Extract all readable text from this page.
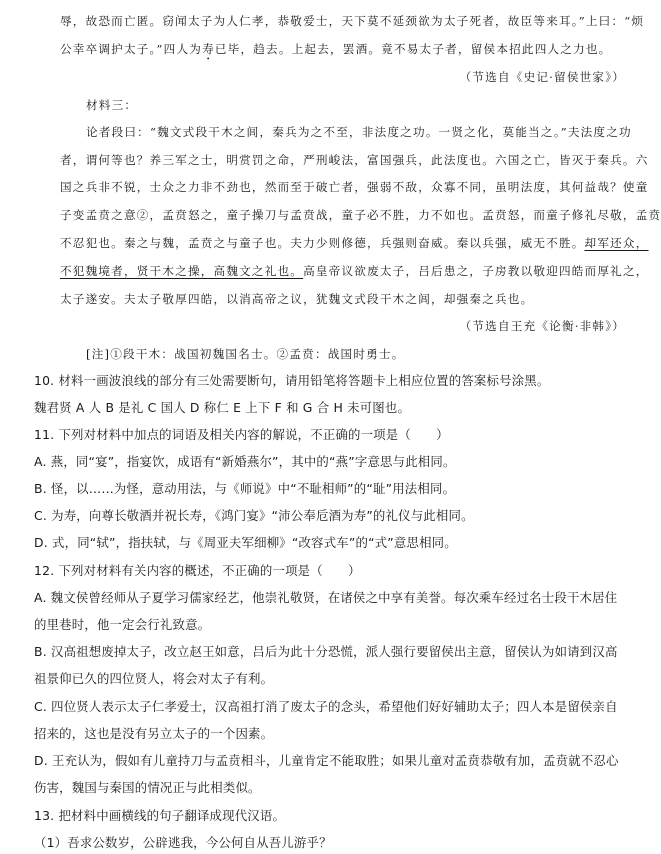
辱，故恐而亡匿。窃闻太子为人仁孝，恭敬爱士，天下莫不延颈欲为太子死者，故臣等来耳。”上曰：“烦
公幸卒调护太子。”四人为寿已毕，趋去。上起去，罢酒。竟不易太子者，留侯本招此四人之力也。
（节选自《史记·留侯世家》）
材料三：
论者段曰：“魏文式段干木之闾，秦兵为之不至，非法度之功。一贤之化，莫能当之。”夫法度之功
者，谓何等也？养三军之士，明赏罚之命，严刑峻法，富国强兵，此法度也。六国之亡，皆灭于秦兵。六
国之兵非不锐，士众之力非不劲也，然而至于破亡者，强弱不敌，众寡不同，虽明法度，其何益哉？使童
子变孟贲之意②，孟贲怒之，童子操刀与孟贲战，童子必不胜，力不如也。孟贲怒，而童子修礼尽敬，孟贲
不忍犯也。秦之与魏，孟贲之与童子也。夫力少则修德，兵强则奋威。秦以兵强，威无不胜。却军还众，
不犯魏境者，贤干木之操，高魏文之礼也。高皇帝议欲废太子，吕后患之，子房教以敬迎四皓而厚礼之，
太子遂安。夫太子敬厚四皓，以消高帝之议，犹魏文式段干木之闾，却强秦之兵也。
（节选自王充《论衡·非韩》）
[注]①段干木：战国初魏国名士。②孟贲：战国时勇士。
10. 材料一画波浪线的部分有三处需要断句，请用铅笔将答题卡上相应位置的答案标号涂黑。
魏君贤 A 人 B 是礼 C 国人 D 称仁 E 上下 F 和 G 合 H 未可图也。
11. 下列对材料中加点的词语及相关内容的解说，不正确的一项是（　　）
A. 燕，同“宴”，指宴饮，成语有“新婚燕尔”，其中的“燕”字意思与此相同。
B. 怪，以……为怪，意动用法，与《师说》中“不耻相师”的“耻”用法相同。
C. 为寿，向尊长敬酒并祝长寿，《鸿门宴》“沛公奉卮酒为寿”的礼仪与此相同。
D. 式，同“轼”，指扶轼，与《周亚夫军细柳》“改容式车”的“式”意思相同。
12. 下列对材料有关内容的概述，不正确的一项是（　　）
A. 魏文侯曾经师从子夏学习儒家经艺，他崇礼敬贤，在诸侯之中享有美誉。每次乘车经过名士段干木居住
的里巷时，他一定会行礼致意。
B. 汉高祖想废掉太子，改立赵王如意，吕后为此十分恐慌，派人强行要留侯出主意，留侯认为如请到汉高
祖景仰已久的四位贤人，将会对太子有利。
C. 四位贤人表示太子仁孝爱士，汉高祖打消了废太子的念头，希望他们好好辅助太子；四人本是留侯亲自
招来的，这也是没有另立太子的一个因素。
D. 王充认为，假如有儿童持刀与孟贲相斗，儿童肯定不能取胜；如果儿童对孟贲恭敬有加，孟贲就不忍心
伤害，魏国与秦国的情况正与此相类似。
13. 把材料中画横线的句子翻译成现代汉语。
（1）吾求公数岁，公辟逃我，今公何自从吾儿游乎？
